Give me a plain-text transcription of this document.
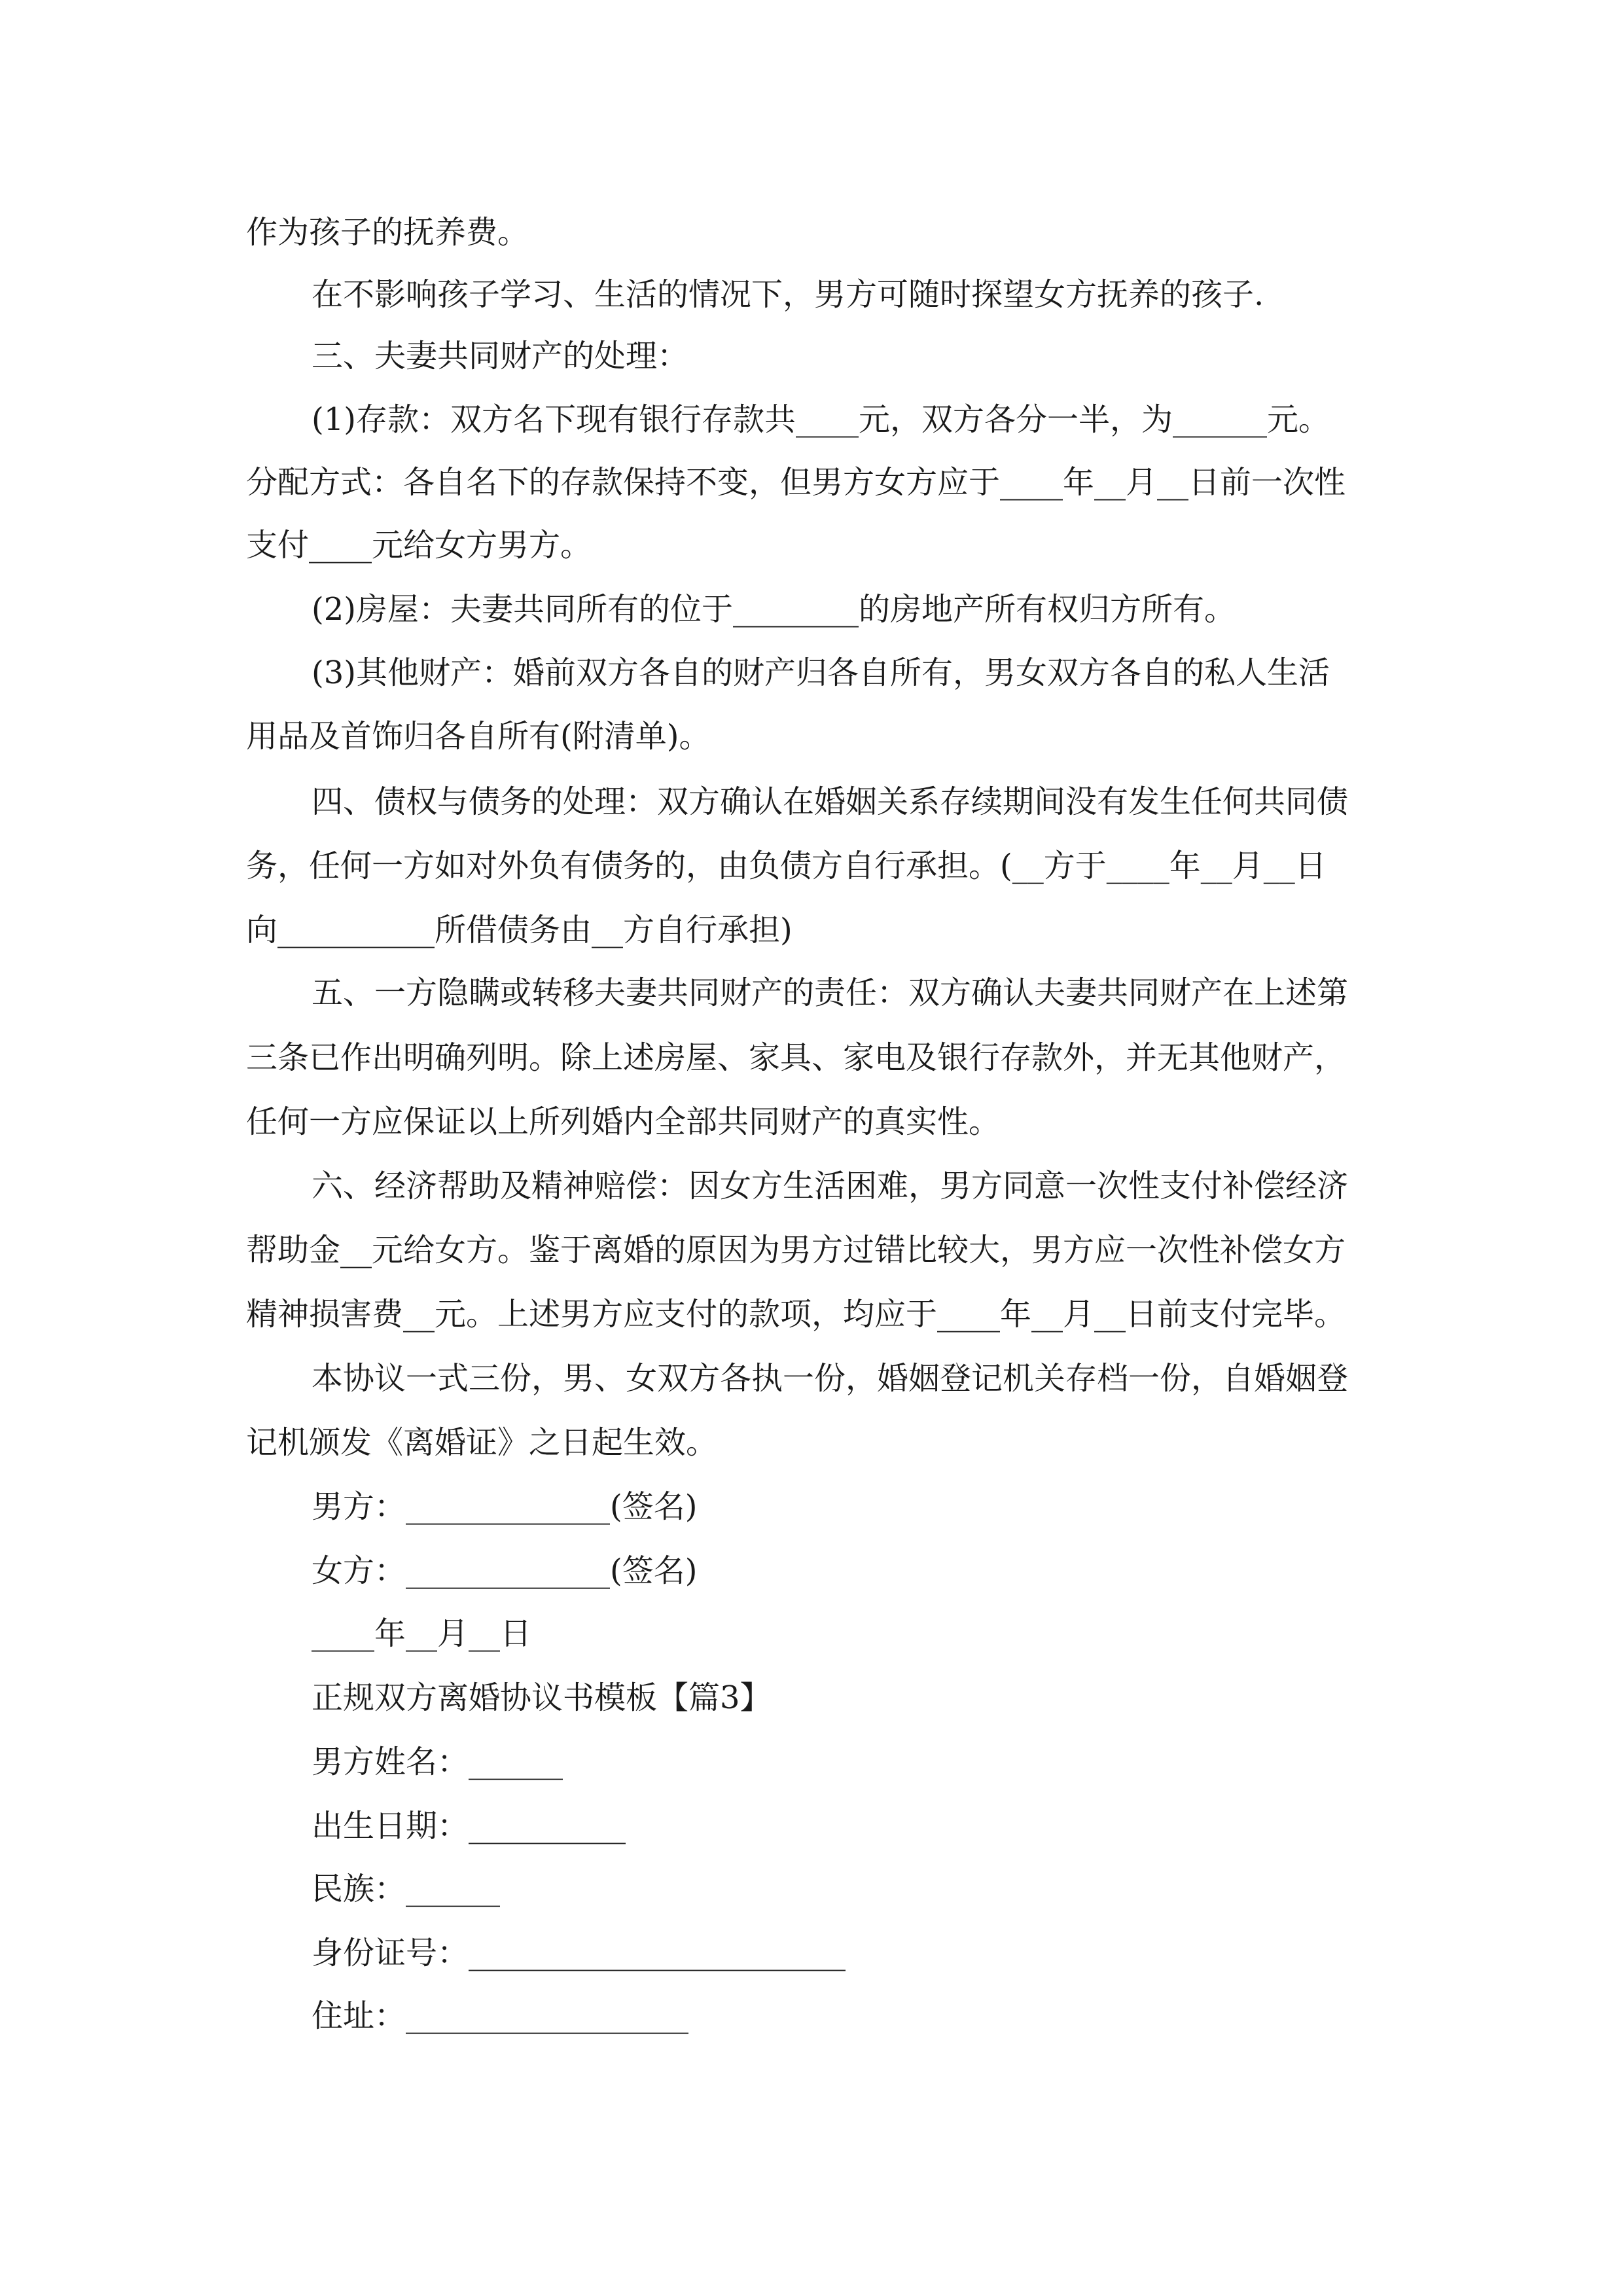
作为孩子的抚养费。
在不影响孩子学习、生活的情况下，男方可随时探望女方抚养的孩子.
三、夫妻共同财产的处理：
(1)存款：双方名下现有银行存款共____元，双方各分一半，为______元。
分配方式：各自名下的存款保持不变，但男方女方应于____年__月__日前一次性
支付____元给女方男方。
(2)房屋：夫妻共同所有的位于________的房地产所有权归方所有。
(3)其他财产：婚前双方各自的财产归各自所有，男女双方各自的私人生活
用品及首饰归各自所有(附清单)。
四、债权与债务的处理：双方确认在婚姻关系存续期间没有发生任何共同债
务，任何一方如对外负有债务的，由负债方自行承担。(__方于____年__月__日
向__________所借债务由__方自行承担)
五、一方隐瞒或转移夫妻共同财产的责任：双方确认夫妻共同财产在上述第
三条已作出明确列明。除上述房屋、家具、家电及银行存款外，并无其他财产，
任何一方应保证以上所列婚内全部共同财产的真实性。
六、经济帮助及精神赔偿：因女方生活困难，男方同意一次性支付补偿经济
帮助金__元给女方。鉴于离婚的原因为男方过错比较大，男方应一次性补偿女方
精神损害费__元。上述男方应支付的款项，均应于____年__月__日前支付完毕。
本协议一式三份，男、女双方各执一份，婚姻登记机关存档一份，自婚姻登
记机颁发《离婚证》之日起生效。
男方：_____________(签名)
女方：_____________(签名)
____年__月__日
正规双方离婚协议书模板【篇3】
男方姓名：______
出生日期：__________
民族：______
身份证号：________________________
住址：__________________
